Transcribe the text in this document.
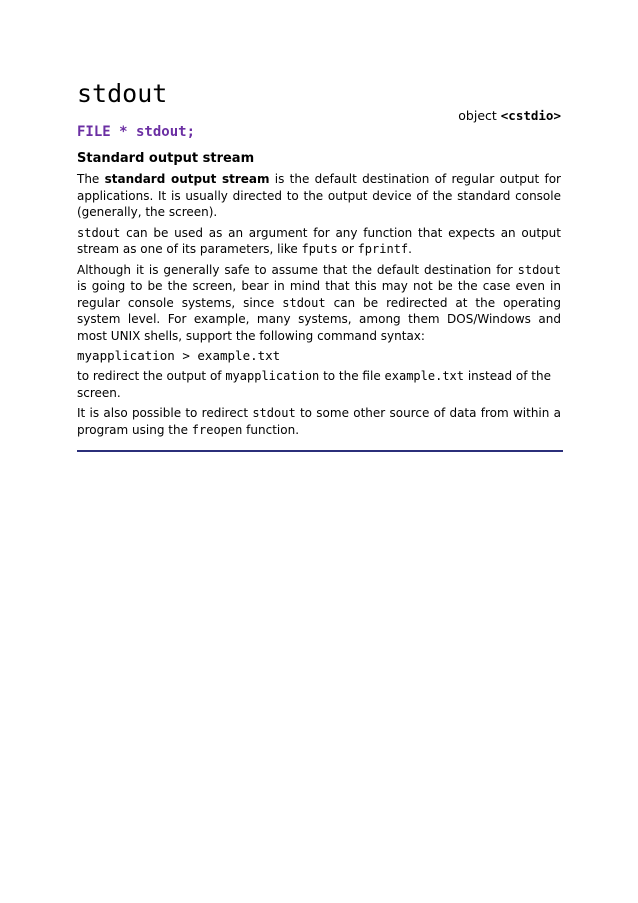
stdout
object <cstdio>
FILE * stdout;
Standard output stream

The standard output stream is the default destination of regular output for applications. It is usually directed to the output device of the standard console (generally, the screen).

stdout can be used as an argument for any function that expects an output stream as one of its parameters, like fputs or fprintf.

Although it is generally safe to assume that the default destination for stdout is going to be the screen, bear in mind that this may not be the case even in regular console systems, since stdout can be redirected at the operating system level. For example, many systems, among them DOS/Windows and most UNIX shells, support the following command syntax:

myapplication > example.txt

to redirect the output of myapplication to the file example.txt instead of the screen.

It is also possible to redirect stdout to some other source of data from within a program using the freopen function.
